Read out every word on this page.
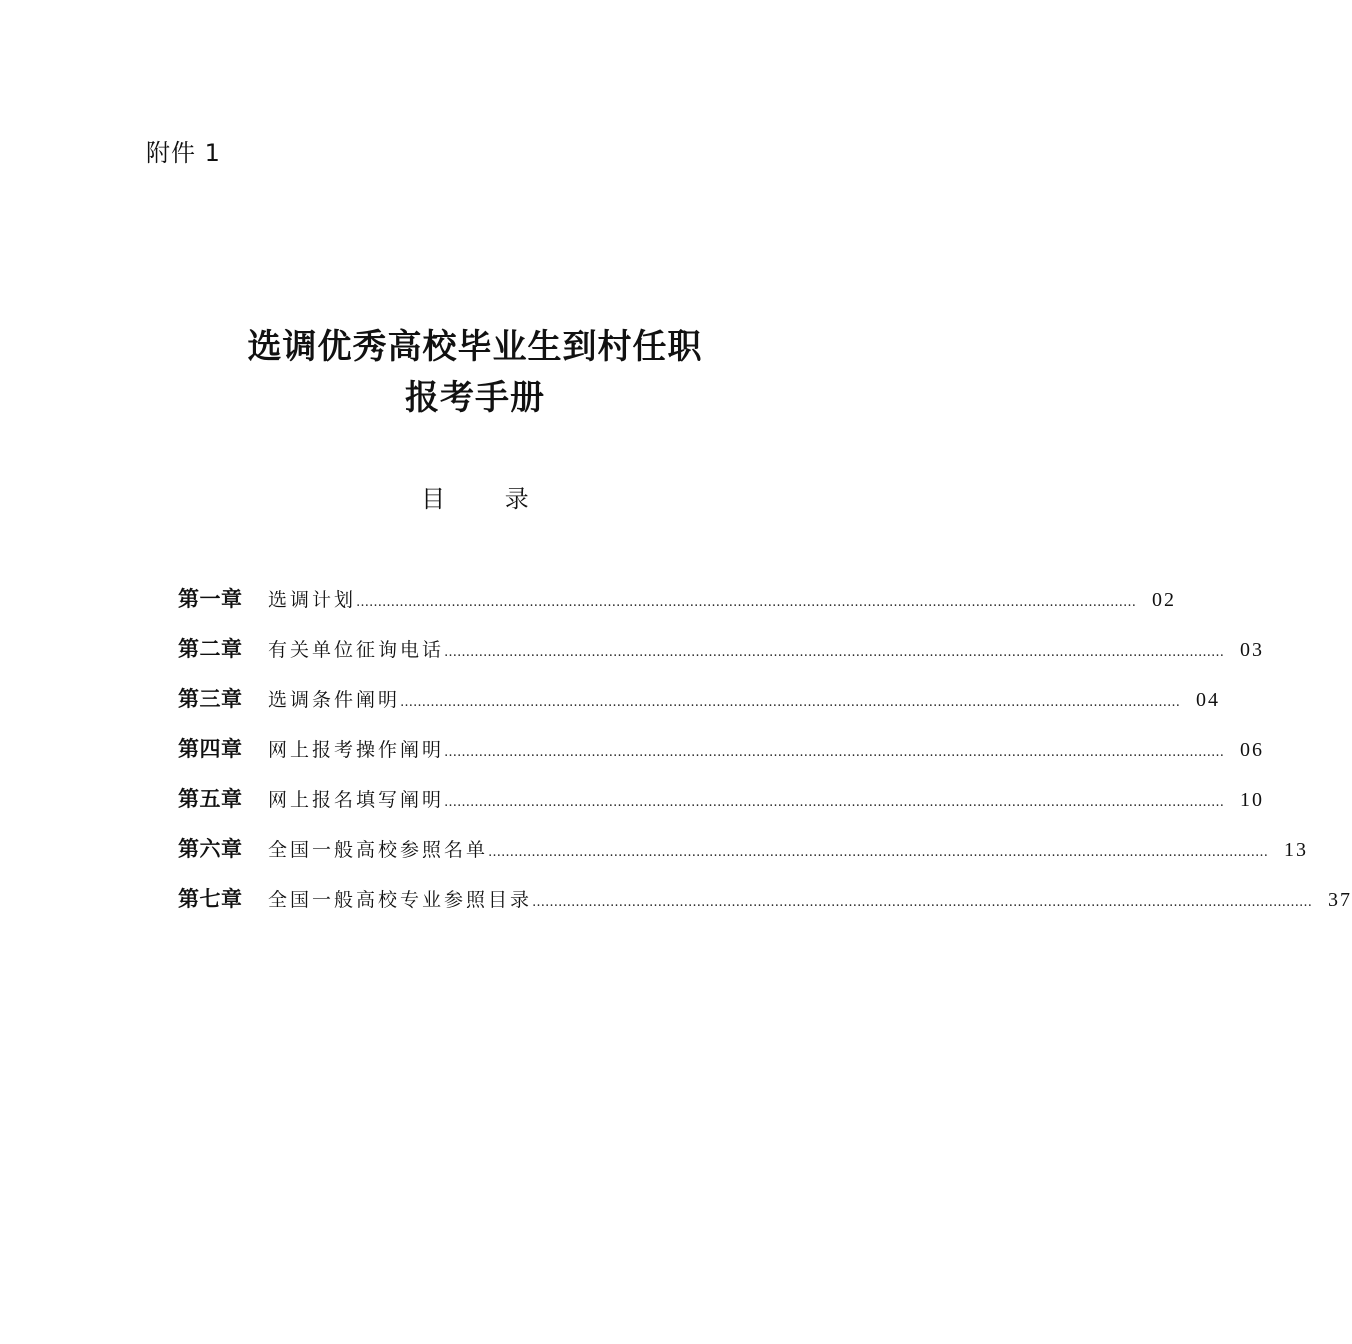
附件 1
选调优秀高校毕业生到村任职
报考手册
目 录
第一章	选调计划 ……………………………………………………………………………………………………………………………………………………………… 02
第二章	有关单位征询电话 ……………………………………………………………………………………………………………………………………………………………… 03
第三章	选调条件阐明 ……………………………………………………………………………………………………………………………………………………………… 04
第四章	网上报考操作阐明 ……………………………………………………………………………………………………………………………………………………………… 06
第五章	网上报名填写阐明 ……………………………………………………………………………………………………………………………………………………………… 10
第六章	全国一般高校参照名单 ……………………………………………………………………………………………………………………………………………………………… 13
第七章	全国一般高校专业参照目录 ……………………………………………………………………………………………………………………………………………………………… 37
